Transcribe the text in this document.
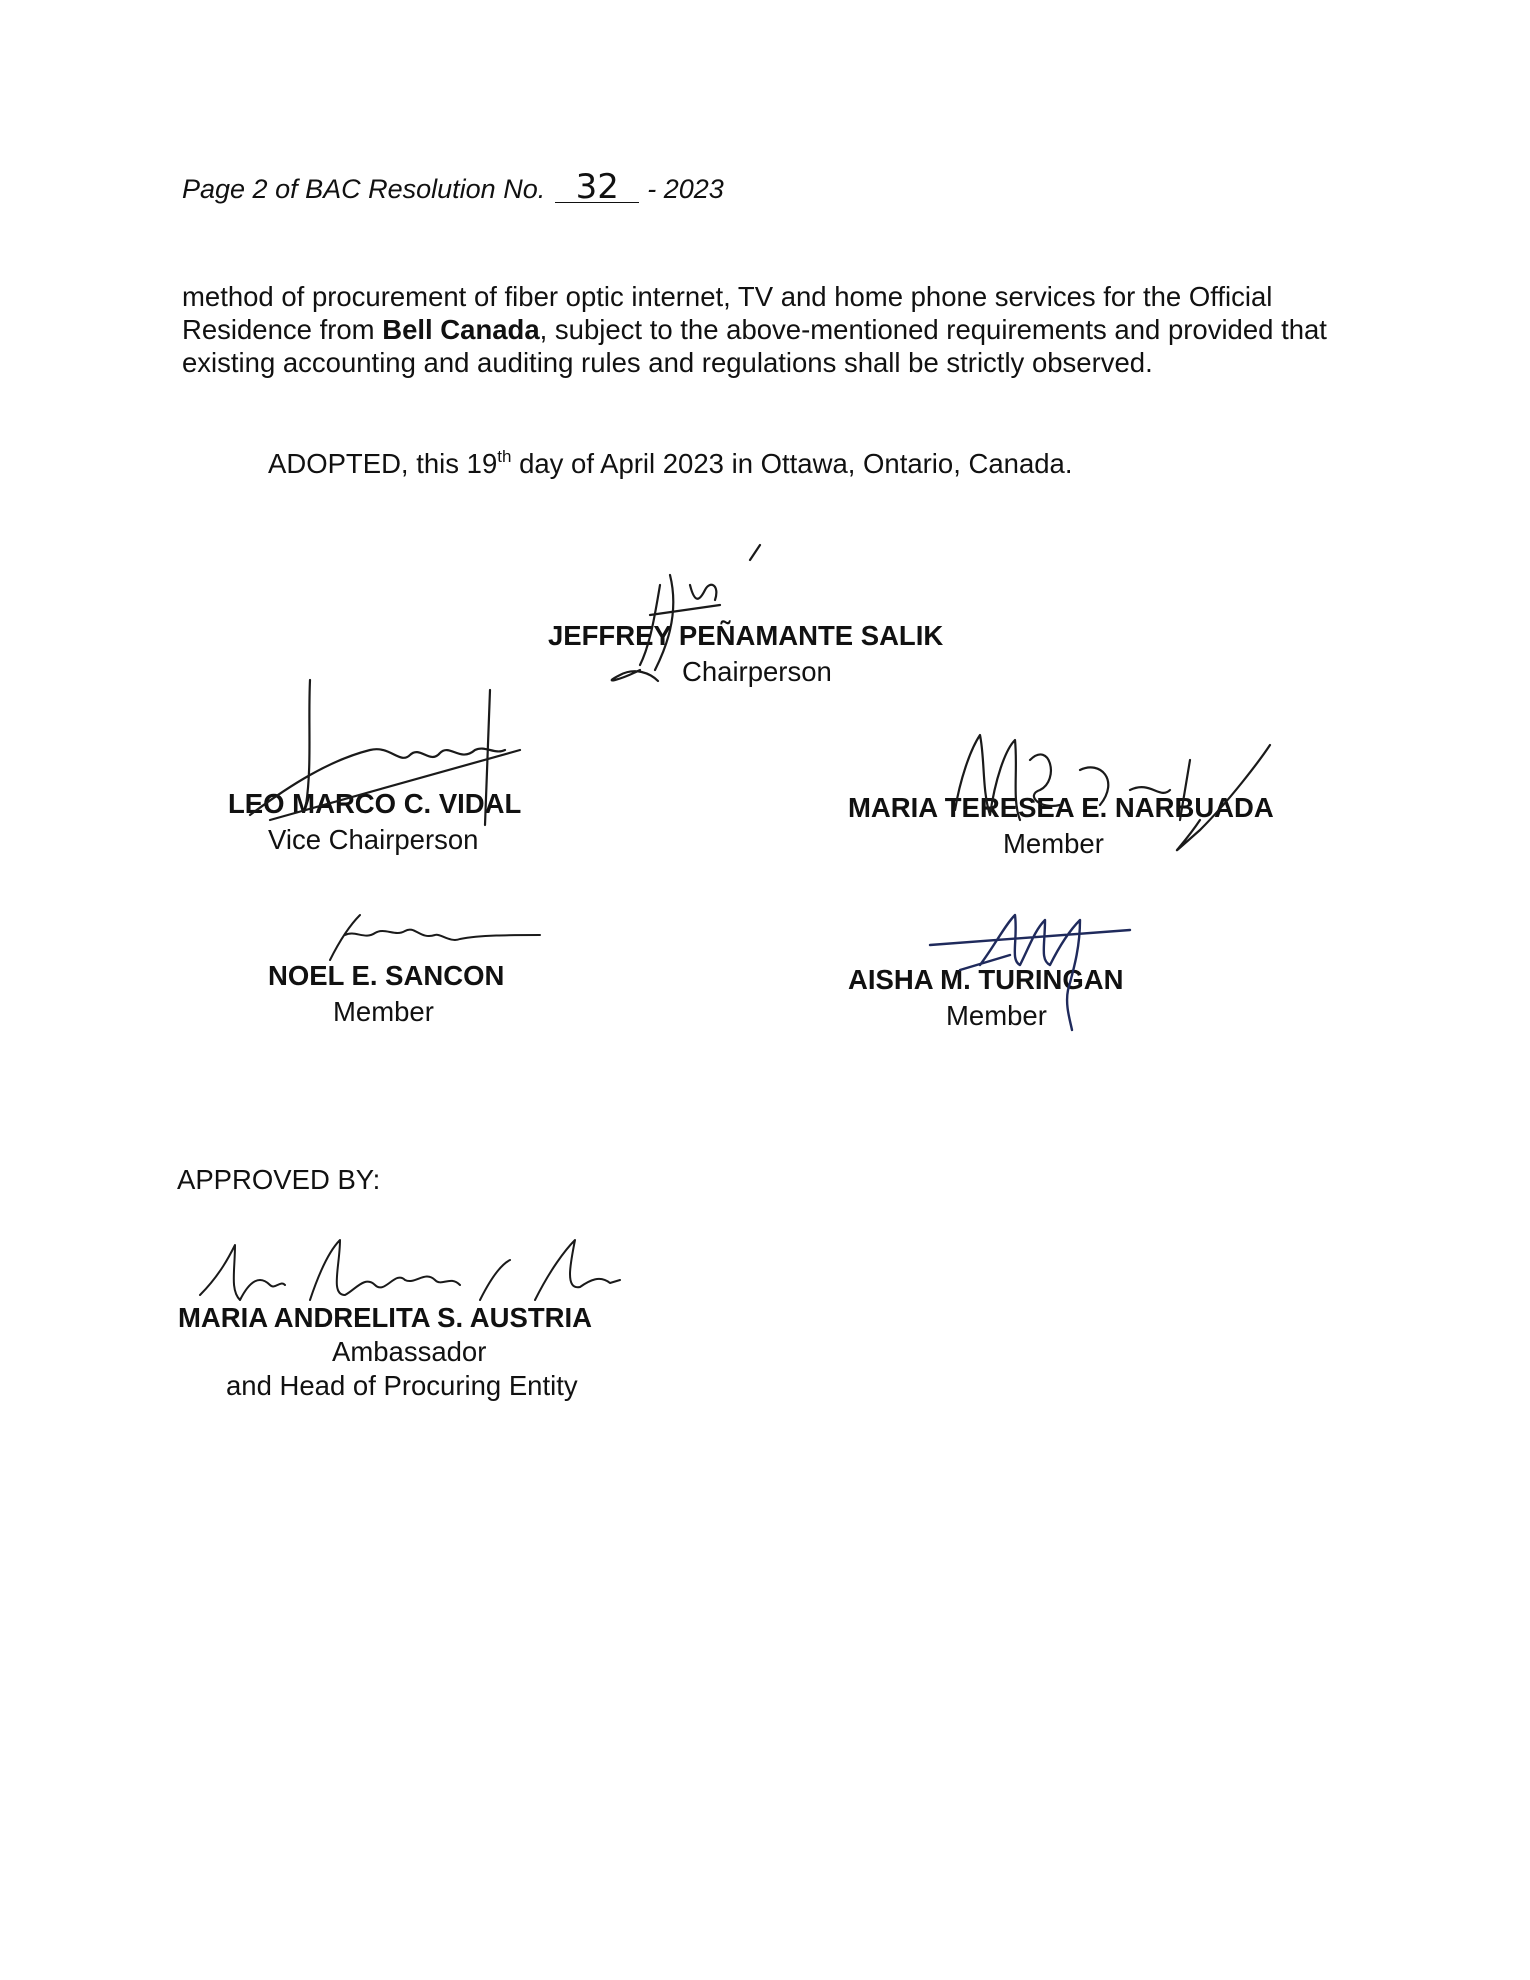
Page 2 of BAC Resolution No. 32 - 2023
method of procurement of fiber optic internet, TV and home phone services for the Official Residence from Bell Canada, subject to the above-mentioned requirements and provided that existing accounting and auditing rules and regulations shall be strictly observed.
ADOPTED, this 19th day of April 2023 in Ottawa, Ontario, Canada.
JEFFREY PEÑAMANTE SALIK
Chairperson
LEO MARCO C. VIDAL
Vice Chairperson
MARIA TERESEA E. NARBUADA
Member
NOEL E. SANCON
Member
AISHA M. TURINGAN
Member
APPROVED BY:
MARIA ANDRELITA S. AUSTRIA
Ambassador
and Head of Procuring Entity
